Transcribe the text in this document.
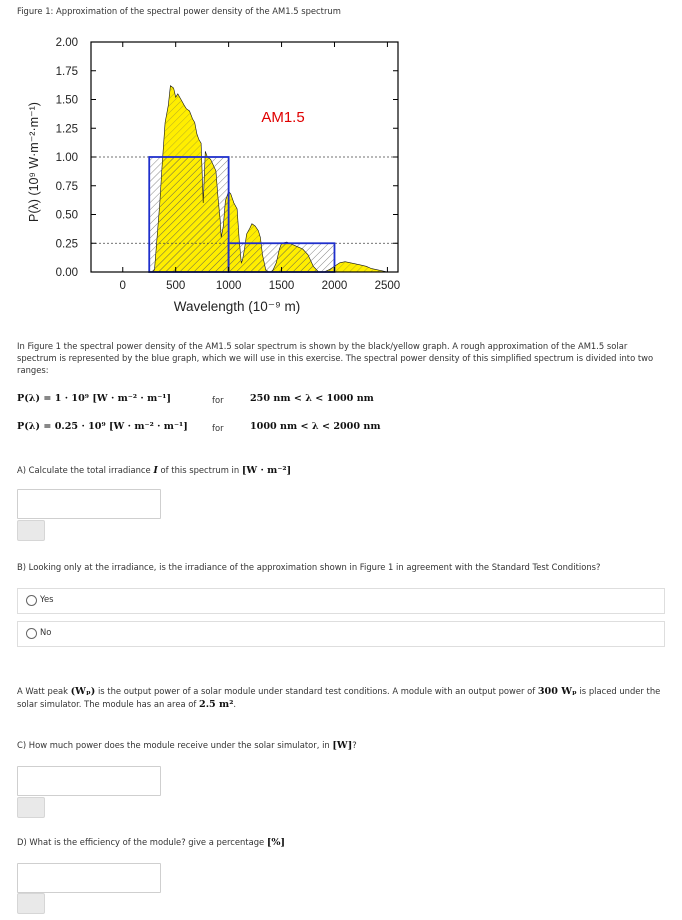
Figure 1: Approximation of the spectral power density of the AM1.5 spectrum
2.00
1.75
1.50
1.25
1.00
0.75
0.50
0.25
0.00
0	500	1000 1500 2000 2500
AM1.5
Wavelength (10⁻⁹ m)
P(λ) (10⁹ W·m⁻²·m⁻¹)
In Figure 1 the spectral power density of the AM1.5 solar spectrum is shown by the black/yellow graph. A rough approximation of the AM1.5 solar spectrum is represented by the blue graph, which we will use in this exercise. The spectral power density of this simplified spectrum is divided into two ranges:
P(λ) = 1 · 10⁹ [W · m⁻² · m⁻¹]	for	250 nm < λ < 1000 nm
P(λ) = 0.25 · 10⁹ [W · m⁻² · m⁻¹]	for	1000 nm < λ < 2000 nm
A) Calculate the total irradiance I of this spectrum in [W · m⁻²]
B) Looking only at the irradiance, is the irradiance of the approximation shown in Figure 1 in agreement with the Standard Test Conditions?
Yes
No
A Watt peak (Wₚ) is the output power of a solar module under standard test conditions. A module with an output power of 300 Wₚ is placed under the solar simulator. The module has an area of 2.5 m².
C) How much power does the module receive under the solar simulator, in [W]?
D) What is the efficiency of the module? give a percentage [%]
